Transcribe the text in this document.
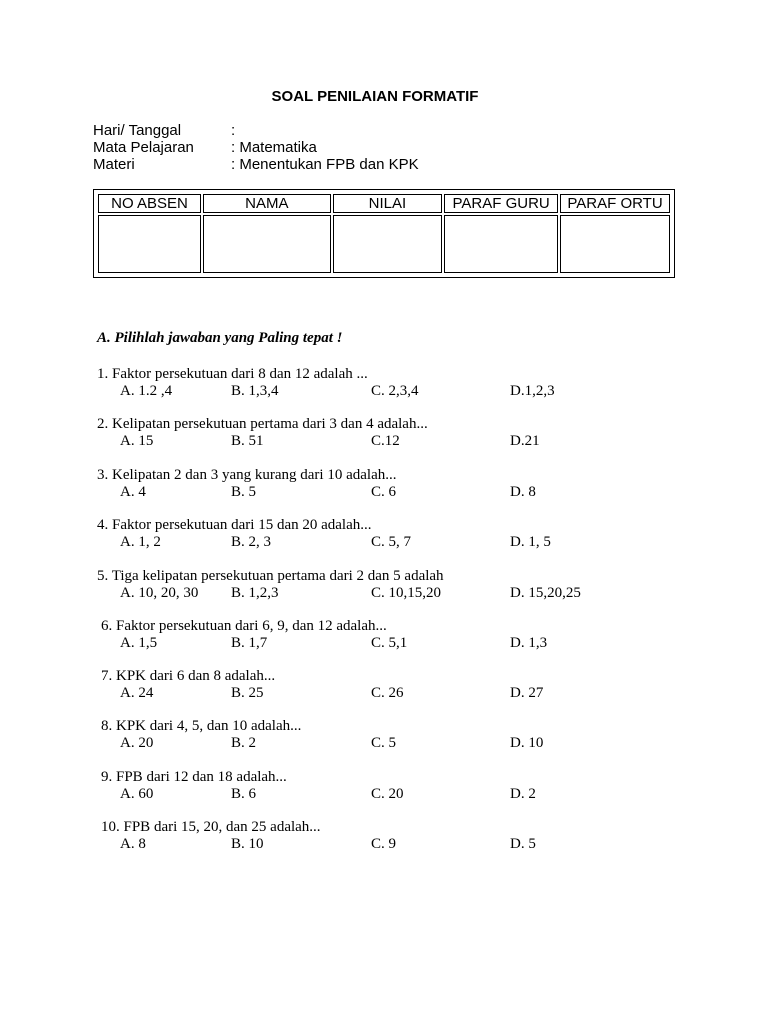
SOAL PENILAIAN FORMATIF
Hari/ Tanggal	:
Mata Pelajaran : Matematika
Materi	: Menentukan FPB dan KPK
NO ABSEN	NAMA	NILAI	PARAF GURU	PARAF ORTU

A. Pilihlah jawaban yang Paling tepat !
1. Faktor persekutuan dari 8 dan 12 adalah ...
A. 1.2 ,4	B. 1,3,4	C. 2,3,4	D.1,2,3
2. Kelipatan persekutuan pertama dari 3 dan 4 adalah...
A. 15	B. 51	C.12	D.21
3. Kelipatan 2 dan 3 yang kurang dari 10 adalah...
A. 4	B. 5	C. 6	D. 8
4. Faktor persekutuan dari 15 dan 20 adalah...
A. 1, 2	B. 2, 3	C. 5, 7	D. 1, 5
5. Tiga kelipatan persekutuan pertama dari 2 dan 5 adalah
A. 10, 20, 30 B. 1,2,3	C. 10,15,20	D. 15,20,25
6. Faktor persekutuan dari 6, 9, dan 12 adalah...
A. 1,5	B. 1,7	C. 5,1	D. 1,3
7. KPK dari 6 dan 8 adalah...
A. 24	B. 25	C. 26	D. 27
8. KPK dari 4, 5, dan 10 adalah...
A. 20	B. 2	C. 5	D. 10
9. FPB dari 12 dan 18 adalah...
A. 60	B. 6	C. 20	D. 2
10. FPB dari 15, 20, dan 25 adalah...
A. 8	B. 10	C. 9	D. 5
